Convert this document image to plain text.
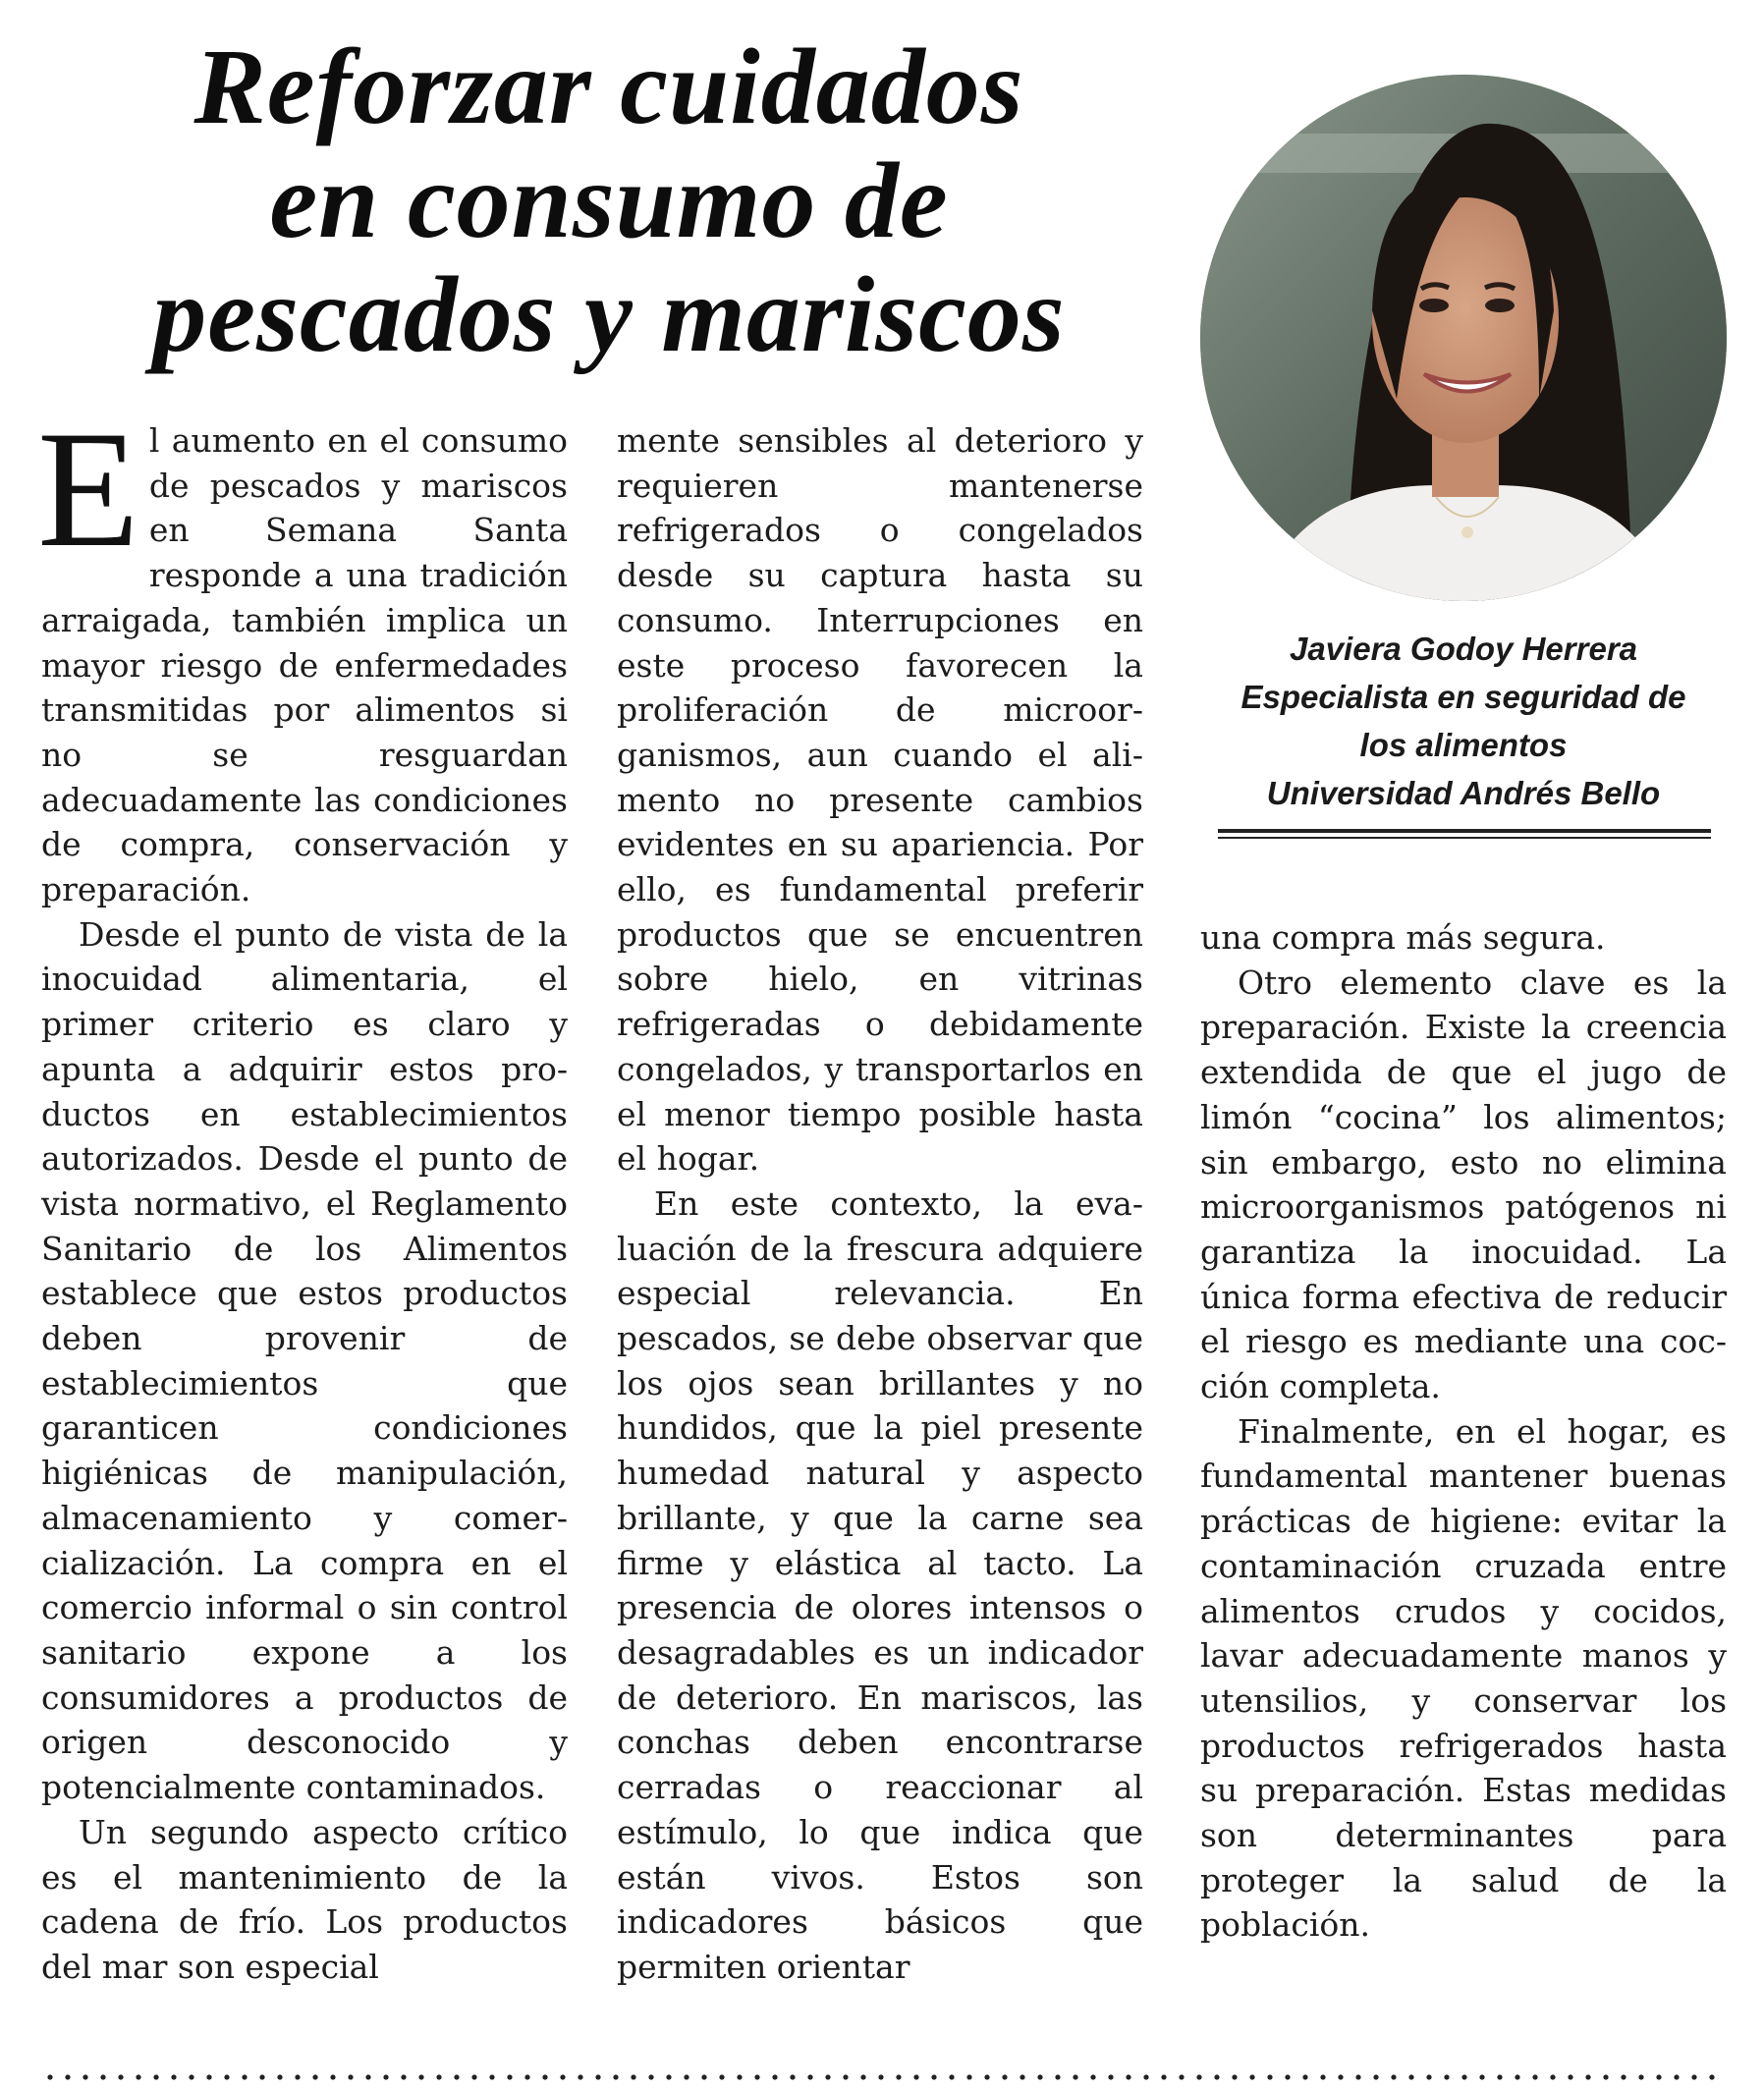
Reforzar cuidados
en consumo de
pescados y mariscos
Javiera Godoy Herrera
Especialista en seguridad de
los alimentos
Universidad Andrés Bello

El aumento en el consumo de pescados y mariscos en Semana Santa responde a una tradición arraigada, también implica un mayor riesgo de enfermedades transmitidas por alimentos si no se resguardan adecuadamente las condiciones de compra, conservación y preparación.

Desde el punto de vista de la inocuidad alimentaria, el primer criterio es claro y apunta a adquirir estos productos en establecimientos autorizados. Desde el punto de vista normativo, el Reglamento Sanitario de los Alimentos establece que estos productos deben provenir de establecimientos que garanticen condiciones higiénicas de manipulación, almacenamiento y comercialización. La compra en el comercio informal o sin control sanitario expone a los consumidores a productos de origen desconocido y potencialmente contaminados.

Un segundo aspecto crítico es el mantenimiento de la cadena de frío. Los productos del mar son especial

mente sensibles al deterioro y requieren mantenerse refrigerados o congelados desde su captura hasta su consumo. Interrupciones en este proceso favorecen la proliferación de microorganismos, aun cuando el alimento no presente cambios evidentes en su apariencia. Por ello, es fundamental preferir productos que se encuentren sobre hielo, en vitrinas refrigeradas o debidamente congelados, y transportarlos en el menor tiempo posible hasta el hogar.

En este contexto, la evaluación de la frescura adquiere especial relevancia. En pescados, se debe observar que los ojos sean brillantes y no hundidos, que la piel presente humedad natural y aspecto brillante, y que la carne sea firme y elástica al tacto. La presencia de olores intensos o desagradables es un indicador de deterioro. En mariscos, las conchas deben encontrarse cerradas o reaccionar al estímulo, lo que indica que están vivos. Estos son indicadores básicos que permiten orientar

una compra más segura.

Otro elemento clave es la preparación. Existe la creencia extendida de que el jugo de limón “cocina” los alimentos; sin embargo, esto no elimina microorganismos patógenos ni garantiza la inocuidad. La única forma efectiva de reducir el riesgo es mediante una cocción completa.

Finalmente, en el hogar, es fundamental mantener buenas prácticas de higiene: evitar la contaminación cruzada entre alimentos crudos y cocidos, lavar adecuadamente manos y utensilios, y conservar los productos refrigerados hasta su preparación. Estas medidas son determinantes para proteger la salud de la población.
